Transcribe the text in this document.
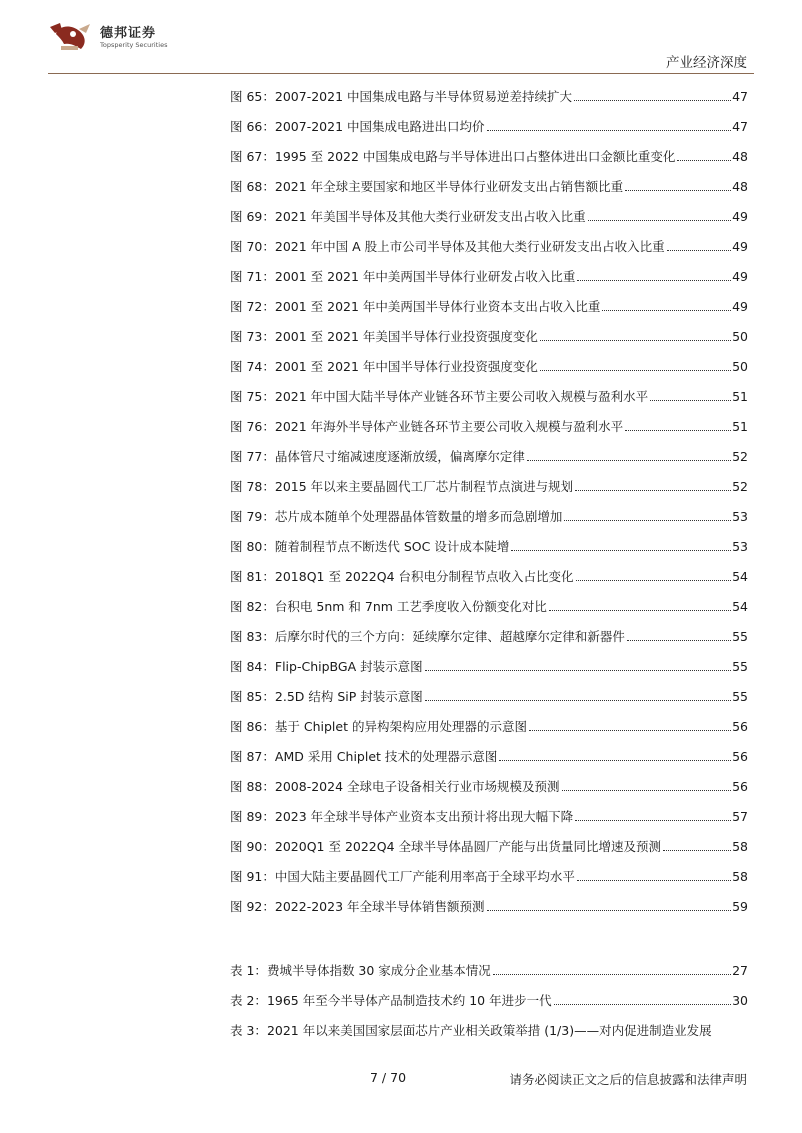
德邦证券
Topsperity Securities
产业经济深度
图 65：2007-2021 中国集成电路与半导体贸易逆差持续扩大	47
图 66：2007-2021 中国集成电路进出口均价	47
图 67：1995 至 2022 中国集成电路与半导体进出口占整体进出口金额比重变化	48
图 68：2021 年全球主要国家和地区半导体行业研发支出占销售额比重	48
图 69：2021 年美国半导体及其他大类行业研发支出占收入比重	49
图 70：2021 年中国 A 股上市公司半导体及其他大类行业研发支出占收入比重	49
图 71：2001 至 2021 年中美两国半导体行业研发占收入比重	49
图 72：2001 至 2021 年中美两国半导体行业资本支出占收入比重	49
图 73：2001 至 2021 年美国半导体行业投资强度变化	50
图 74：2001 至 2021 年中国半导体行业投资强度变化	50
图 75：2021 年中国大陆半导体产业链各环节主要公司收入规模与盈利水平	51
图 76：2021 年海外半导体产业链各环节主要公司收入规模与盈利水平	51
图 77：晶体管尺寸缩减速度逐渐放缓，偏离摩尔定律	52
图 78：2015 年以来主要晶圆代工厂芯片制程节点演进与规划	52
图 79：芯片成本随单个处理器晶体管数量的增多而急剧增加	53
图 80：随着制程节点不断迭代 SOC 设计成本陡增	53
图 81：2018Q1 至 2022Q4 台积电分制程节点收入占比变化	54
图 82：台积电 5nm 和 7nm 工艺季度收入份额变化对比	54
图 83：后摩尔时代的三个方向：延续摩尔定律、超越摩尔定律和新器件	55
图 84：Flip-ChipBGA 封装示意图	55
图 85：2.5D 结构 SiP 封装示意图	55
图 86：基于 Chiplet 的异构架构应用处理器的示意图	56
图 87：AMD 采用 Chiplet 技术的处理器示意图	56
图 88：2008-2024 全球电子设备相关行业市场规模及预测	56
图 89：2023 年全球半导体产业资本支出预计将出现大幅下降	57
图 90：2020Q1 至 2022Q4 全球半导体晶圆厂产能与出货量同比增速及预测	58
图 91：中国大陆主要晶圆代工厂产能利用率高于全球平均水平	58
图 92：2022-2023 年全球半导体销售额预测	59
表 1：费城半导体指数 30 家成分企业基本情况	27
表 2：1965 年至今半导体产品制造技术约 10 年进步一代	30
表 3：2021 年以来美国国家层面芯片产业相关政策举措 (1/3)——对内促进制造业发展
7 / 70	请务必阅读正文之后的信息披露和法律声明
